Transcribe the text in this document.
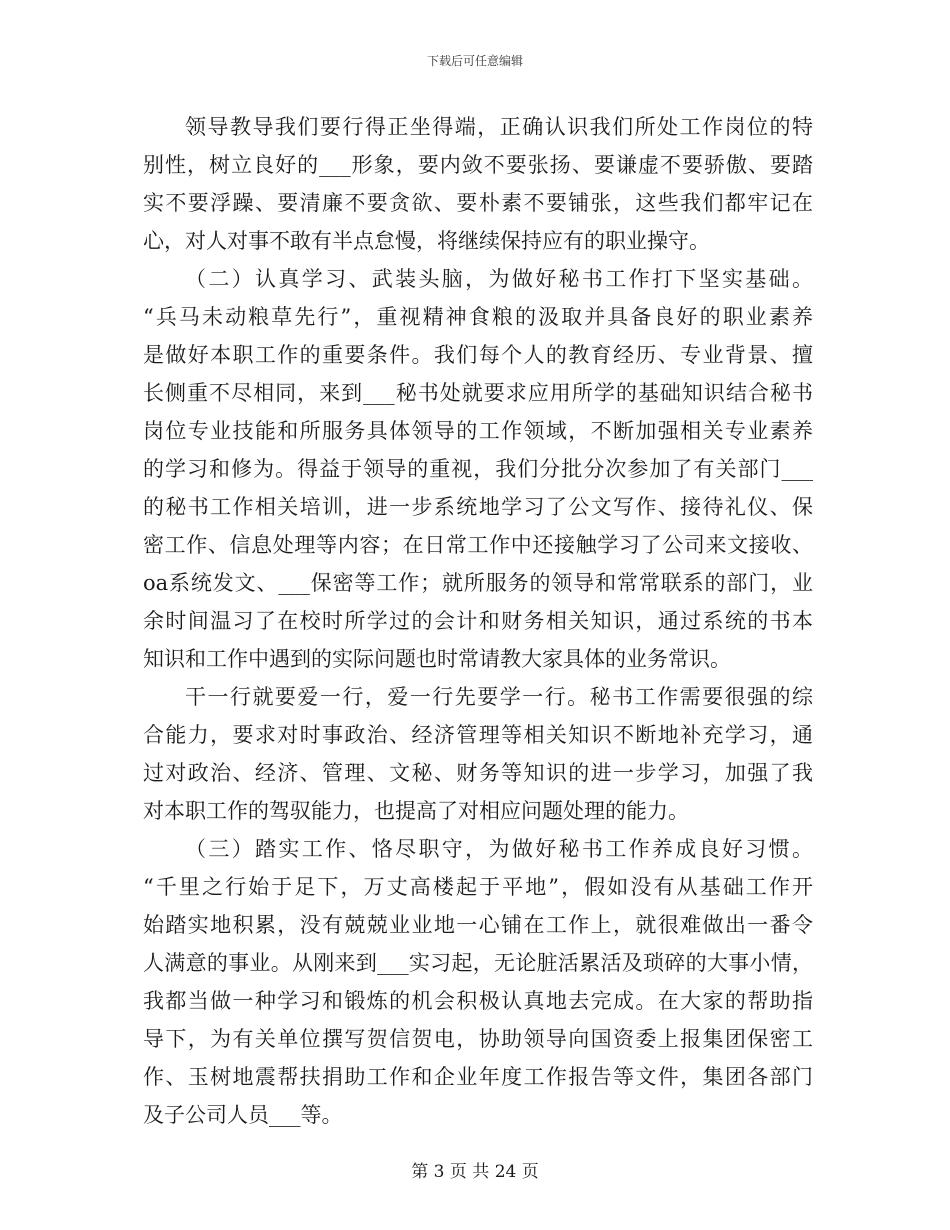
下载后可任意编辑
领导教导我们要行得正坐得端，正确认识我们所处工作岗位的特
别性，树立良好的___形象，要内敛不要张扬、要谦虚不要骄傲、要踏
实不要浮躁、要清廉不要贪欲、要朴素不要铺张，这些我们都牢记在
心，对人对事不敢有半点怠慢，将继续保持应有的职业操守。
（二）认真学习、武装头脑，为做好秘书工作打下坚实基础。
“兵马未动粮草先行”，重视精神食粮的汲取并具备良好的职业素养
是做好本职工作的重要条件。我们每个人的教育经历、专业背景、擅
长侧重不尽相同，来到___秘书处就要求应用所学的基础知识结合秘书
岗位专业技能和所服务具体领导的工作领域，不断加强相关专业素养
的学习和修为。得益于领导的重视，我们分批分次参加了有关部门___
的秘书工作相关培训，进一步系统地学习了公文写作、接待礼仪、保
密工作、信息处理等内容；在日常工作中还接触学习了公司来文接收、
oa系统发文、___保密等工作；就所服务的领导和常常联系的部门，业
余时间温习了在校时所学过的会计和财务相关知识，通过系统的书本
知识和工作中遇到的实际问题也时常请教大家具体的业务常识。
干一行就要爱一行，爱一行先要学一行。秘书工作需要很强的综
合能力，要求对时事政治、经济管理等相关知识不断地补充学习，通
过对政治、经济、管理、文秘、财务等知识的进一步学习，加强了我
对本职工作的驾驭能力，也提高了对相应问题处理的能力。
（三）踏实工作、恪尽职守，为做好秘书工作养成良好习惯。
“千里之行始于足下，万丈高楼起于平地”，假如没有从基础工作开
始踏实地积累，没有兢兢业业地一心铺在工作上，就很难做出一番令
人满意的事业。从刚来到___实习起，无论脏活累活及琐碎的大事小情，
我都当做一种学习和锻炼的机会积极认真地去完成。在大家的帮助指
导下，为有关单位撰写贺信贺电，协助领导向国资委上报集团保密工
作、玉树地震帮扶捐助工作和企业年度工作报告等文件，集团各部门
及子公司人员___等。
第 3 页 共 24 页
